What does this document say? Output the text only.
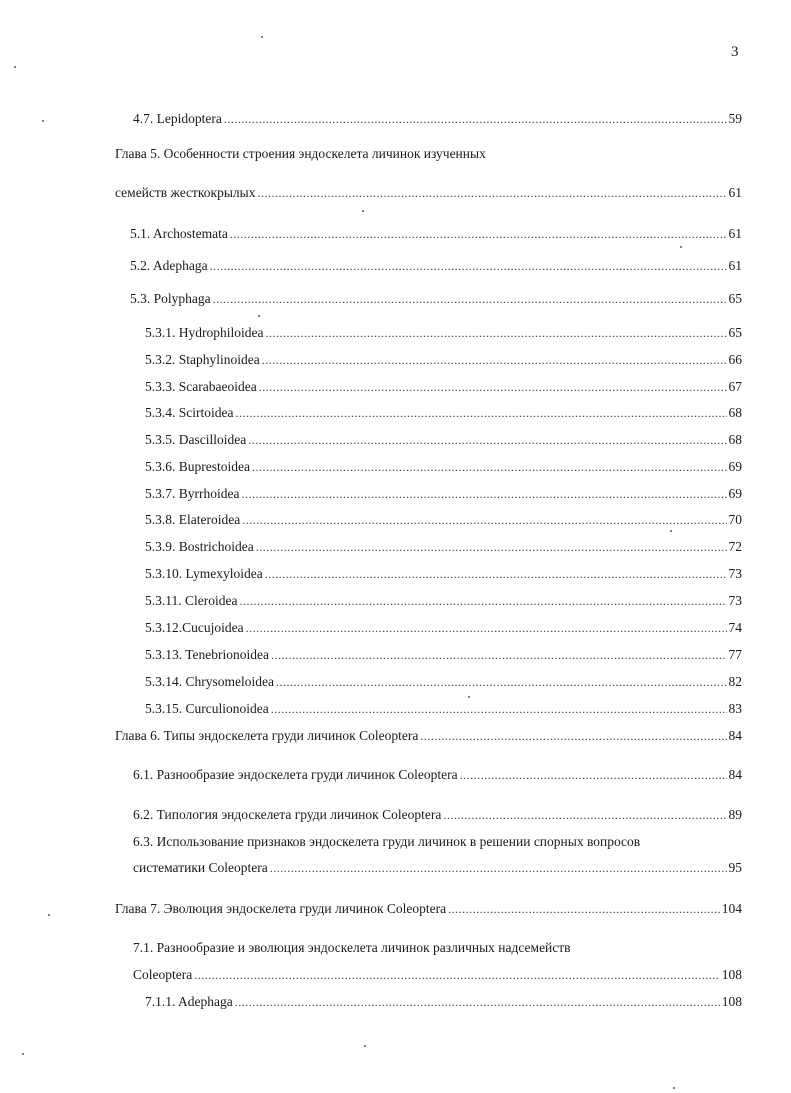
3
4.7. Lepidoptera .....	59
Глава 5. Особенности строения эндоскелета личинок изученных
семейств жесткокрылых .....	61
5.1. Archostemata .....	61
5.2. Adephaga .....	61
5.3. Polyphaga .....	65
5.3.1. Hydrophiloidea .....	65
5.3.2. Staphylinoidea .....	66
5.3.3. Scarabaeoidea .....	67
5.3.4. Scirtoidea .....	68
5.3.5. Dascilloidea .....	68
5.3.6. Buprestoidea .....	69
5.3.7. Byrrhoidea .....	69
5.3.8. Elateroidea .....	70
5.3.9. Bostrichoidea .....	72
5.3.10. Lymexyloidea .....	73
5.3.11. Cleroidea .....	73
5.3.12.Cucujoidea .....	74
5.3.13. Tenebrionoidea .....	77
5.3.14. Chrysomeloidea .....	82
5.3.15. Curculionoidea .....	83
Глава 6. Типы эндоскелета груди личинок Coleoptera .....	84
6.1. Разнообразие эндоскелета груди личинок Coleoptera .....	84
6.2. Типология эндоскелета груди личинок Coleoptera .....	89
6.3. Использование признаков эндоскелета груди личинок в решении спорных вопросов
систематики Coleoptera .....	95
Глава 7. Эволюция эндоскелета груди личинок Coleoptera .....	104
7.1. Разнообразие и эволюция эндоскелета личинок различных надсемейств
Coleoptera .....	108
7.1.1. Adephaga .....	108
